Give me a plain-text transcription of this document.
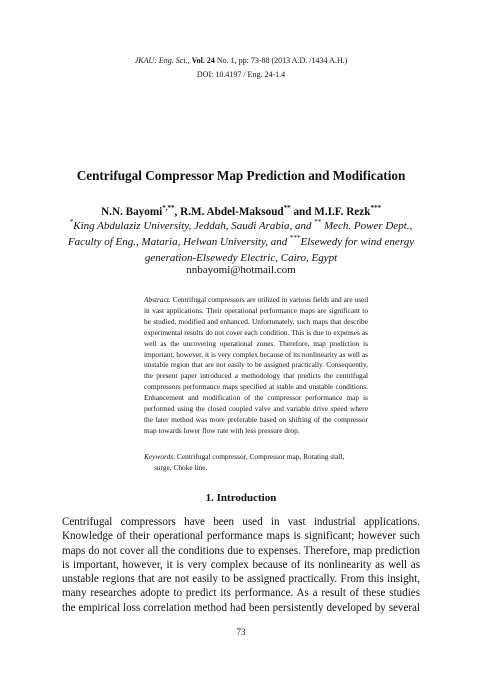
JKAU: Eng. Sci., Vol. 24 No. 1, pp: 73-88 (2013 A.D. /1434 A.H.)
DOI: 10.4197 / Eng. 24-1.4
Centrifugal Compressor Map Prediction and Modification
N.N. Bayomi*,**, R.M. Abdel-Maksoud** and M.I.F. Rezk***
*King Abdulaziz University, Jeddah, Saudi Arabia, and ** Mech. Power Dept., Faculty of Eng., Mataria, Helwan University, and ***Elsewedy for wind energy generation-Elsewedy Electric, Cairo, Egypt
nnbayomi@hotmail.com
Abstract. Centrifugal compressors are utilized in various fields and are used in vast applications. Their operational performance maps are significant to be studied, modified and enhanced. Unfortunately, such maps that describe experimental results do not cover each condition. This is due to expenses as well as the uncovering operational zones. Therefore, map prediction is important, however, it is very complex because of its nonlinearity as well as unstable region that are not easily to be assigned practically. Consequently, the present paper introduced a methodology that predicts the centrifugal compressors performance maps specified at stable and unstable conditions. Enhancement and modification of the compressor performance map is performed using the closed coupled valve and variable drive speed where the later method was more preferable based on shifting of the compressor map towards lower flow rate with less pressure drop.
Keywords: Centrifugal compressor, Compressor map, Rotating stall,
surge, Choke line.
1. Introduction
Centrifugal compressors have been used in vast industrial applications. Knowledge of their operational performance maps is significant; however such maps do not cover all the conditions due to expenses. Therefore, map prediction is important, however, it is very complex because of its nonlinearity as well as unstable regions that are not easily to be assigned practically. From this insight, many researches adopte to predict its performance. As a result of these studies the empirical loss correlation method had been persistently developed by several
73
